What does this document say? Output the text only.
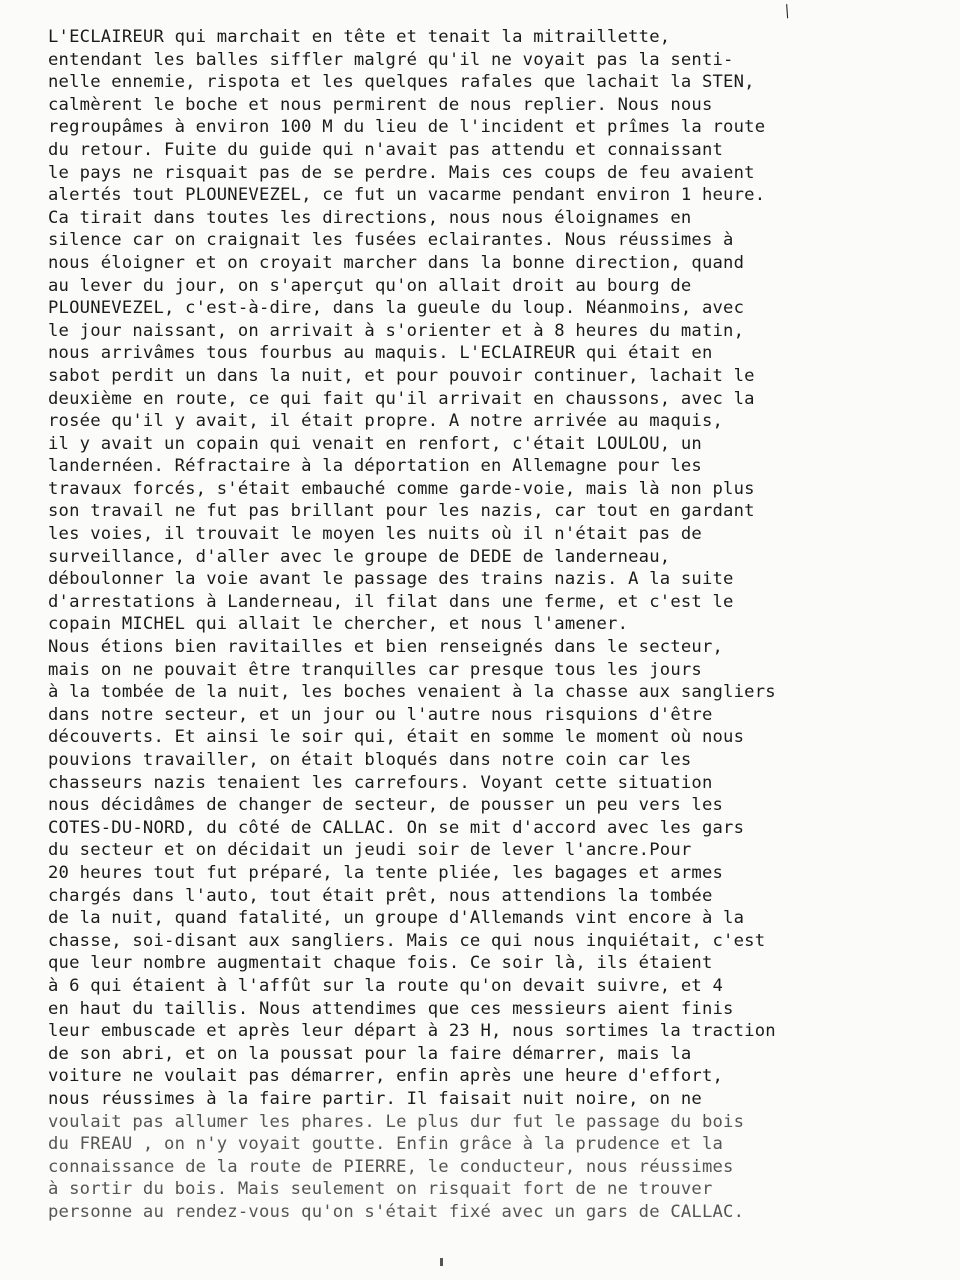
⁄
L'ECLAIREUR qui marchait en tête et tenait la mitraillette,
entendant les balles siffler malgré qu'il ne voyait pas la senti-
nelle ennemie, rispota et les quelques rafales que lachait la STEN,
calmèrent le boche et nous permirent de nous replier. Nous nous
regroupâmes à environ 100 M du lieu de l'incident et prîmes la route
du retour. Fuite du guide qui n'avait pas attendu et connaissant
le pays ne risquait pas de se perdre. Mais ces coups de feu avaient
alertés tout PLOUNEVEZEL, ce fut un vacarme pendant environ 1 heure.
Ca tirait dans toutes les directions, nous nous éloignames en
silence car on craignait les fusées eclairantes. Nous réussimes à
nous éloigner et on croyait marcher dans la bonne direction, quand
au lever du jour, on s'aperçut qu'on allait droit au bourg de
PLOUNEVEZEL, c'est-à-dire, dans la gueule du loup. Néanmoins, avec
le jour naissant, on arrivait à s'orienter et à 8 heures du matin,
nous arrivâmes tous fourbus au maquis. L'ECLAIREUR qui était en
sabot perdit un dans la nuit, et pour pouvoir continuer, lachait le
deuxième en route, ce qui fait qu'il arrivait en chaussons, avec la
rosée qu'il y avait, il était propre. A notre arrivée au maquis,
il y avait un copain qui venait en renfort, c'était LOULOU, un
landernéen. Réfractaire à la déportation en Allemagne pour les
travaux forcés, s'était embauché comme garde-voie, mais là non plus
son travail ne fut pas brillant pour les nazis, car tout en gardant
les voies, il trouvait le moyen les nuits où il n'était pas de
surveillance, d'aller avec le groupe de DEDE de landerneau,
déboulonner la voie avant le passage des trains nazis. A la suite
d'arrestations à Landerneau, il filat dans une ferme, et c'est le
copain MICHEL qui allait le chercher, et nous l'amener.
Nous étions bien ravitailles et bien renseignés dans le secteur,
mais on ne pouvait être tranquilles car presque tous les jours
à la tombée de la nuit, les boches venaient à la chasse aux sangliers
dans notre secteur, et un jour ou l'autre nous risquions d'être
découverts. Et ainsi le soir qui, était en somme le moment où nous
pouvions travailler, on était bloqués dans notre coin car les
chasseurs nazis tenaient les carrefours. Voyant cette situation
nous décidâmes de changer de secteur, de pousser un peu vers les
COTES-DU-NORD, du côté de CALLAC. On se mit d'accord avec les gars
du secteur et on décidait un jeudi soir de lever l'ancre.Pour
20 heures tout fut préparé, la tente pliée, les bagages et armes
chargés dans l'auto, tout était prêt, nous attendions la tombée
de la nuit, quand fatalité, un groupe d'Allemands vint encore à la
chasse, soi-disant aux sangliers. Mais ce qui nous inquiétait, c'est
que leur nombre augmentait chaque fois. Ce soir là, ils étaient
à 6 qui étaient à l'affût sur la route qu'on devait suivre, et 4
en haut du taillis. Nous attendimes que ces messieurs aient finis
leur embuscade et après leur départ à 23 H, nous sortimes la traction
de son abri, et on la poussat pour la faire démarrer, mais la
voiture ne voulait pas démarrer, enfin après une heure d'effort,
nous réussimes à la faire partir. Il faisait nuit noire, on ne
voulait pas allumer les phares. Le plus dur fut le passage du bois
du FREAU , on n'y voyait goutte. Enfin grâce à la prudence et la
connaissance de la route de PIERRE, le conducteur, nous réussimes
à sortir du bois. Mais seulement on risquait fort de ne trouver
personne au rendez-vous qu'on s'était fixé avec un gars de CALLAC.
